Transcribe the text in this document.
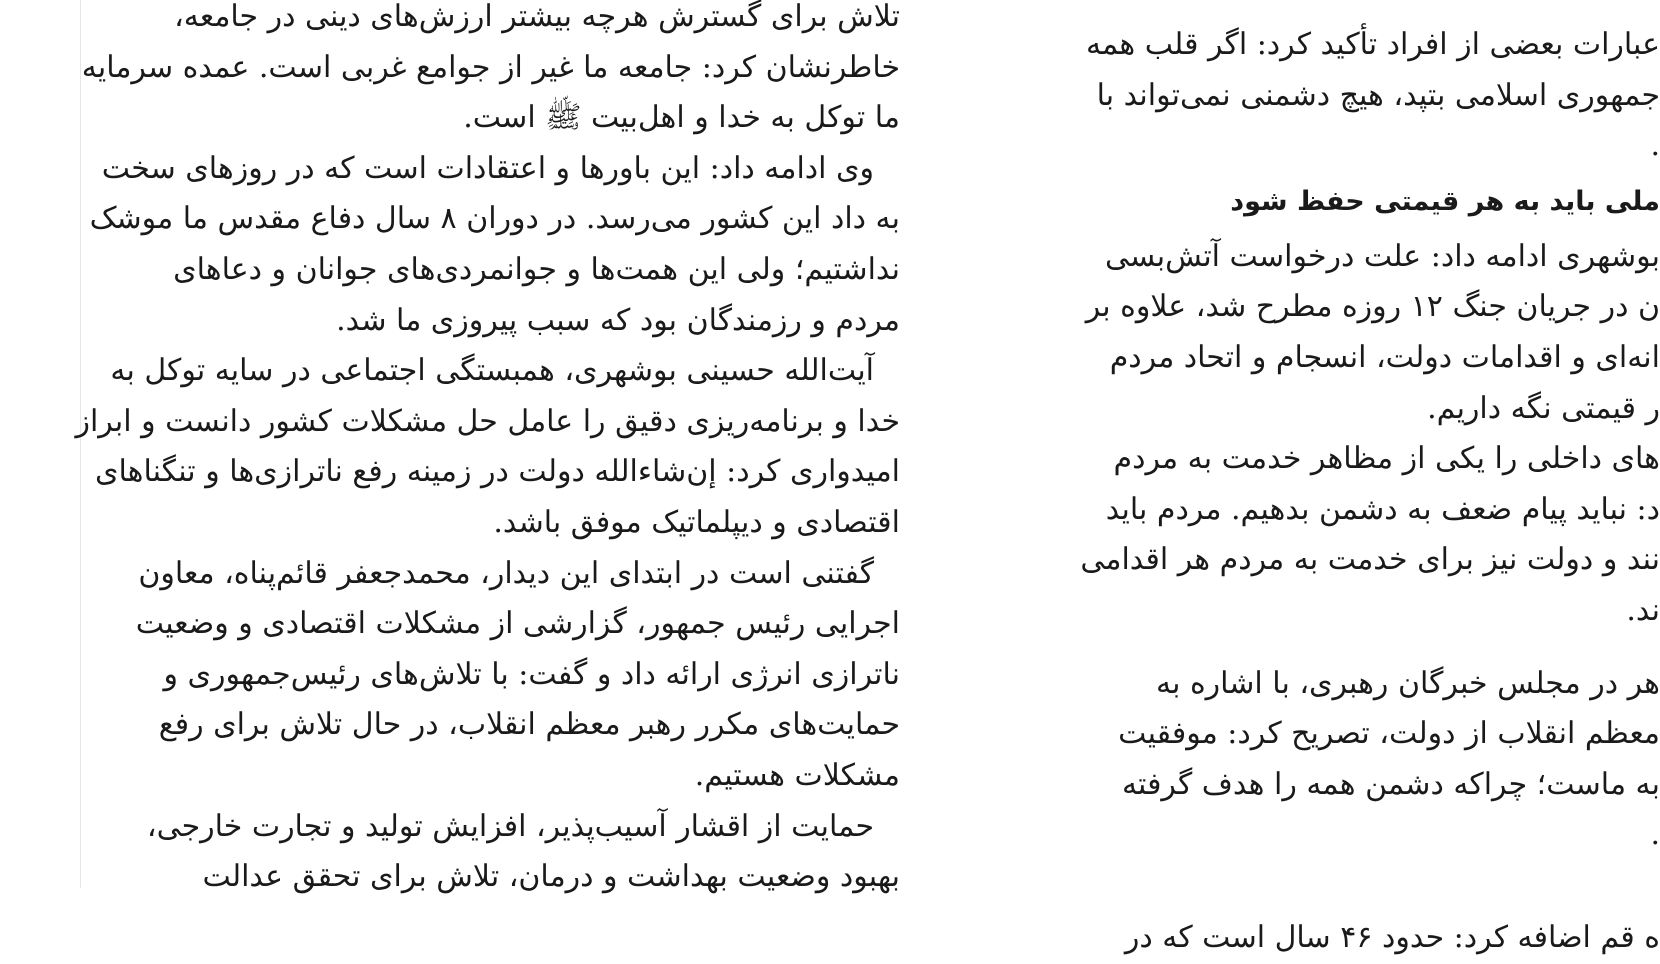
تلاش برای گسترش هرچه بیشتر ارزش‌های دینی در جامعه،
خاطرنشان کرد: جامعه ما غیر از جوامع غربی است. عمده سرمایه
ما توکل به خدا و اهل‌بیت ﷺ است.

وی ادامه داد: این باورها و اعتقادات است که در روزهای سخت
به داد این کشور می‌رسد. در دوران ۸ سال دفاع مقدس ما موشک
نداشتیم؛ ولی این همت‌ها و جوانمردی‌های جوانان و دعاهای
مردم و رزمندگان بود که سبب پیروزی ما شد.

آیت‌الله حسینی بوشهری، همبستگی اجتماعی در سایه توکل به
خدا و برنامه‌ریزی دقیق را عامل حل مشکلات کشور دانست و ابراز
امیدواری کرد: إن‌شاءالله دولت در زمینه رفع ناترازی‌ها و تنگناهای
اقتصادی و دیپلماتیک موفق باشد.

گفتنی است در ابتدای این دیدار، محمدجعفر قائم‌پناه، معاون
اجرایی رئیس جمهور، گزارشی از مشکلات اقتصادی و وضعیت
ناترازی انرژی ارائه داد و گفت: با تلاش‌های رئیس‌جمهوری و
حمایت‌های مکرر رهبر معظم انقلاب، در حال تلاش برای رفع
مشکلات هستیم.

حمایت از اقشار آسیب‌پذیر، افزایش تولید و تجارت خارجی،
بهبود وضعیت بهداشت و درمان، تلاش برای تحقق عدالت

عبارات بعضی از افراد تأکید کرد: اگر قلب همه
جمهوری اسلامی بتپد، هیچ دشمنی نمی‌تواند با
.

ملی باید به هر قیمتی حفظ شود

بوشهری ادامه داد: علت درخواست آتش‌بسی
ن در جریان جنگ ۱۲ روزه مطرح شد، علاوه بر
انه‌ای و اقدامات دولت، انسجام و اتحاد مردم
ر قیمتی نگه داریم.

های داخلی را یکی از مظاهر خدمت به مردم
د: نباید پیام ضعف به دشمن بدهیم. مردم باید
نند و دولت نیز برای خدمت به مردم هر اقدامی
ند.

هر در مجلس خبرگان رهبری، با اشاره به
معظم انقلاب از دولت، تصریح کرد: موفقیت
به ماست؛ چراکه دشمن همه را هدف گرفته
.

ه قم اضافه کرد: حدود ۴۶ سال است که در
